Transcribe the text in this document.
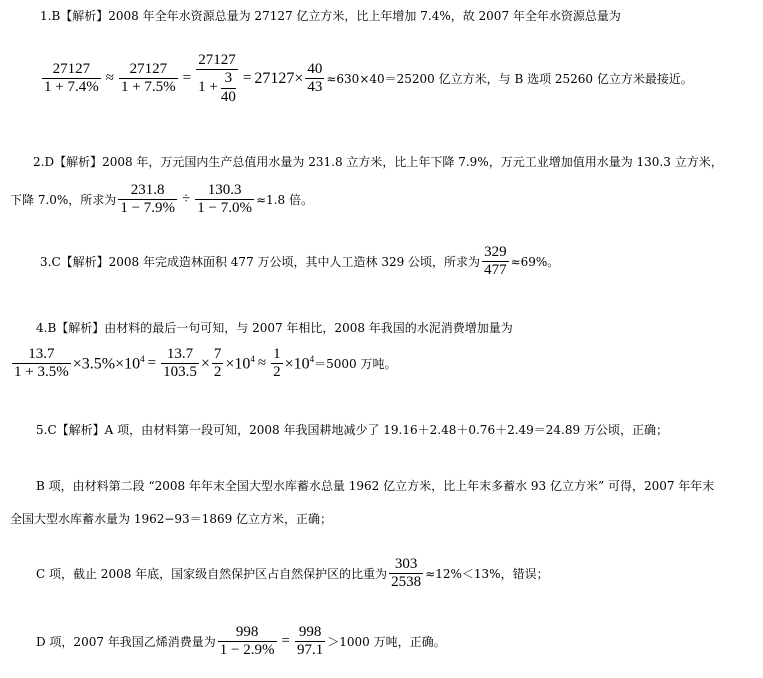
1.B【解析】2008 年全年水资源总量为 27127 亿立方米，比上年增加 7.4%，故 2007 年全年水资源总量为
$\frac{27127}{1 + 7.4\%} \approx \frac{27127}{1 + 7.5\%} = 27127$
1 +
3
$40 = 27127\times \frac{40}{43} \approx 630\times 40=25200$ 亿立方米，与 B 选项 25260 亿立方米最接近。
2.D【解析】2008 年，万元国内生产总值用水量为 231.8 立方米，比上年下降 7.9%，万元工业增加值用水量为 130.3 立方米，
下降 7.0%，所求为 $\frac{231.8}{1 - 7.9\%} \div \frac{130.3}{1 - 7.0\%} \approx 1.8$ 倍。
3.C【解析】2008 年完成造林面积 477 万公顷，其中人工造林 329 公顷，所求为 $\frac{329}{477} \approx 69\%$。
4.B【解析】由材料的最后一句可知，与 2007 年相比，2008 年我国的水泥消费增加量为
$\frac{13.7}{1 + 3.5\%} \times 3.5\%\times 10^4 = \frac{13.7}{103.5} \times \frac{7}{2} \times 10^4 \approx \frac{1}{2} \times 10^4 =5000$ 万吨。
5.C【解析】A 项，由材料第一段可知，2008 年我国耕地减少了 19.16＋2.48＋0.76＋2.49＝24.89 万公顷，正确；
B 项，由材料第二段 “2008 年年末全国大型水库蓄水总量 1962 亿立方米，比上年末多蓄水 93 亿立方米” 可得，2007 年年末
全国大型水库蓄水量为 1962−93＝1869 亿立方米，正确；
C 项，截止 2008 年底，国家级自然保护区占自然保护区的比重为 $\frac{303}{2538} \approx 12\%<13\%$，错误；
D 项，2007 年我国乙烯消费量为 $\frac{998}{1 - 2.9\%} = \frac{998}{97.1} >1000$ 万吨，正确。
